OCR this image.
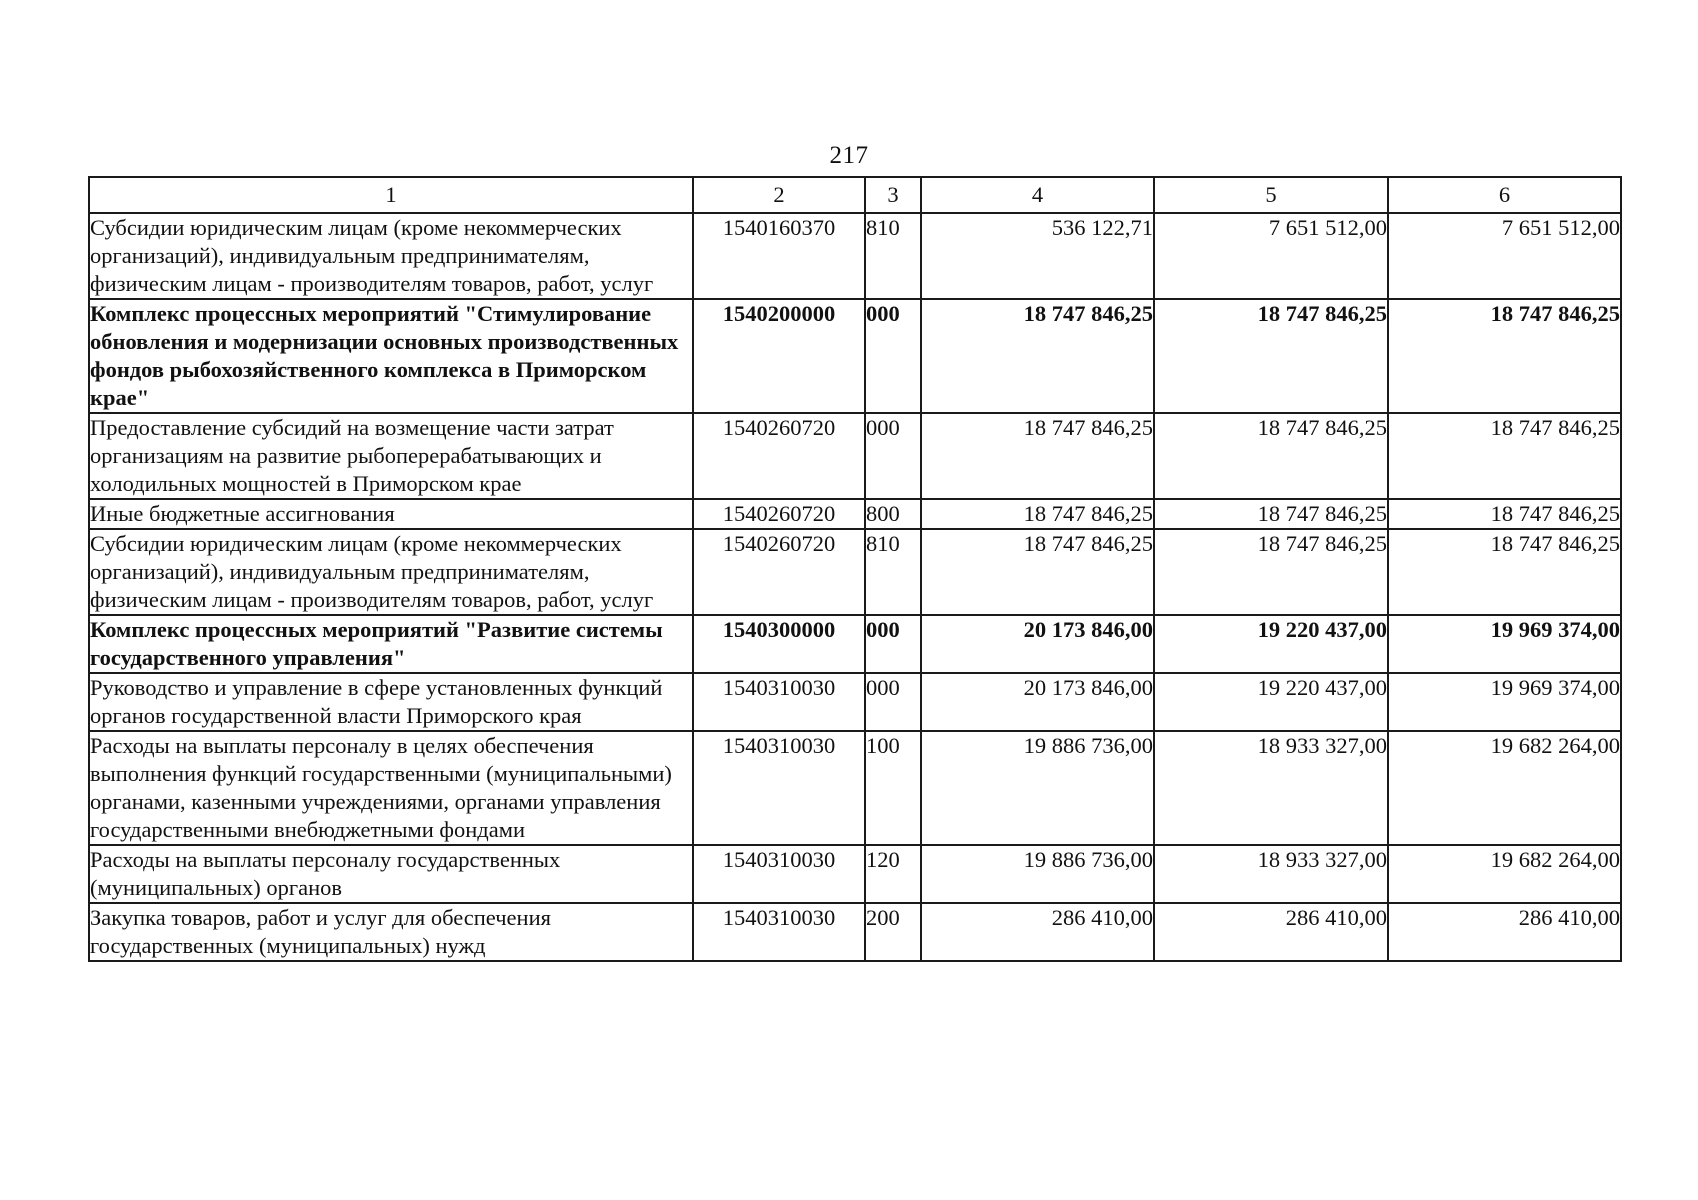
217
1	2	3	4	5	6
Субсидии юридическим лицам (кроме некоммерческих организаций), индивидуальным предпринимателям, физическим лицам - производителям товаров, работ, услуг	1540160370	810	536 122,71	7 651 512,00	7 651 512,00
Комплекс процессных мероприятий "Стимулирование обновления и модернизации основных производственных фондов рыбохозяйственного комплекса в Приморском крае"	1540200000	000	18 747 846,25	18 747 846,25	18 747 846,25
Предоставление субсидий на возмещение части затрат организациям на развитие рыбоперерабатывающих и холодильных мощностей в Приморском крае	1540260720	000	18 747 846,25	18 747 846,25	18 747 846,25
Иные бюджетные ассигнования	1540260720	800	18 747 846,25	18 747 846,25	18 747 846,25
Субсидии юридическим лицам (кроме некоммерческих организаций), индивидуальным предпринимателям, физическим лицам - производителям товаров, работ, услуг	1540260720	810	18 747 846,25	18 747 846,25	18 747 846,25
Комплекс процессных мероприятий "Развитие системы государственного управления"	1540300000	000	20 173 846,00	19 220 437,00	19 969 374,00
Руководство и управление в сфере установленных функций органов государственной власти Приморского края	1540310030	000	20 173 846,00	19 220 437,00	19 969 374,00
Расходы на выплаты персоналу в целях обеспечения выполнения функций государственными (муниципальными) органами, казенными учреждениями, органами управления государственными внебюджетными фондами	1540310030	100	19 886 736,00	18 933 327,00	19 682 264,00
Расходы на выплаты персоналу государственных (муниципальных) органов	1540310030	120	19 886 736,00	18 933 327,00	19 682 264,00
Закупка товаров, работ и услуг для обеспечения государственных (муниципальных) нужд	1540310030	200	286 410,00	286 410,00	286 410,00
